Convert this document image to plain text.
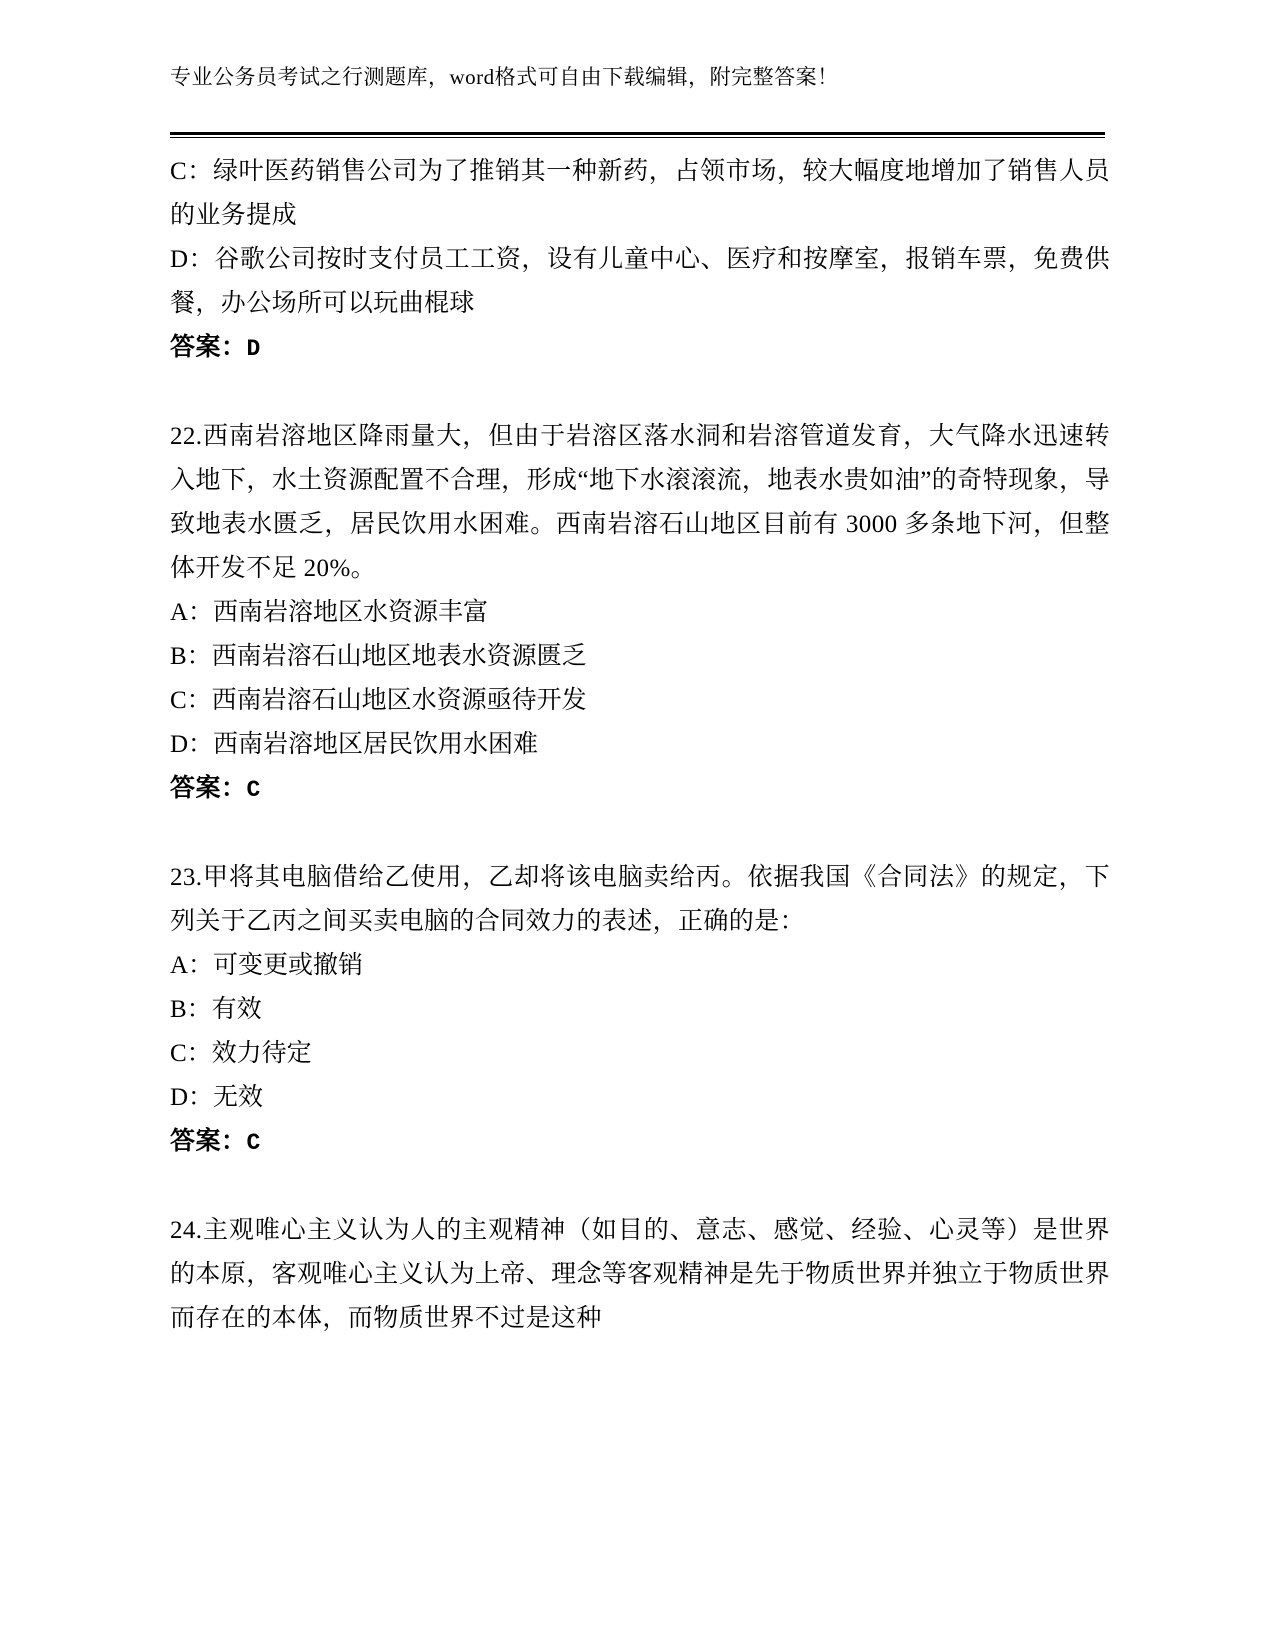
专业公务员考试之行测题库，word格式可自由下载编辑，附完整答案！

C：绿叶医药销售公司为了推销其一种新药，占领市场，较大幅度地增加了销售人员的业务提成

D：谷歌公司按时支付员工工资，设有儿童中心、医疗和按摩室，报销车票，免费供餐，办公场所可以玩曲棍球

答案：D

22.西南岩溶地区降雨量大，但由于岩溶区落水洞和岩溶管道发育，大气降水迅速转入地下，水土资源配置不合理，形成“地下水滚滚流，地表水贵如油”的奇特现象，导致地表水匮乏，居民饮用水困难。西南岩溶石山地区目前有 3000 多条地下河，但整体开发不足 20%。

A：西南岩溶地区水资源丰富

B：西南岩溶石山地区地表水资源匮乏

C：西南岩溶石山地区水资源亟待开发

D：西南岩溶地区居民饮用水困难

答案：C

23.甲将其电脑借给乙使用，乙却将该电脑卖给丙。依据我国《合同法》的规定，下列关于乙丙之间买卖电脑的合同效力的表述，正确的是：

A：可变更或撤销

B：有效

C：效力待定

D：无效

答案：C

24.主观唯心主义认为人的主观精神（如目的、意志、感觉、经验、心灵等）是世界的本原，客观唯心主义认为上帝、理念等客观精神是先于物质世界并独立于物质世界而存在的本体，而物质世界不过是这种
